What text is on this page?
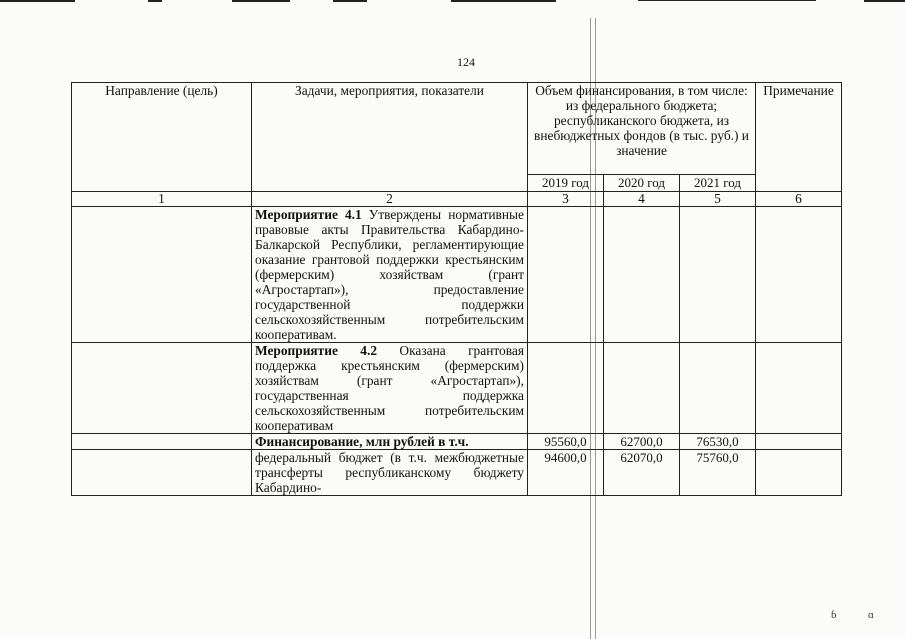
124
Направление (цель)	Задачи, мероприятия, показатели	Объем финансирования, в том числе: из федерального бюджета; республиканского бюджета, из внебюджетных фондов (в тыс. руб.) и значение			Примечание
		2019 год	2020 год	2021 год	
1	2	3	4	5	6
	Мероприятие 4.1 Утверждены нормативные правовые акты Правительства Кабардино-Балкарской Республики, регламентирующие оказание грантовой поддержки крестьянским (фермерским) хозяйствам (грант «Агростартап»), предоставление государственной поддержки сельскохозяйственным потребительским кооперативам.				
	Мероприятие 4.2 Оказана грантовая поддержка крестьянским (фермерским) хозяйствам (грант «Агростартап»), государственная поддержка сельскохозяйственным потребительским кооперативам				
	Финансирование, млн рублей в т.ч.	95560,0	62700,0	76530,0	
	федеральный бюджет (в т.ч. межбюджетные трансферты республиканскому бюджету Кабардино-	94600,0	62070,0	75760,0	
ɓ	ɑ
